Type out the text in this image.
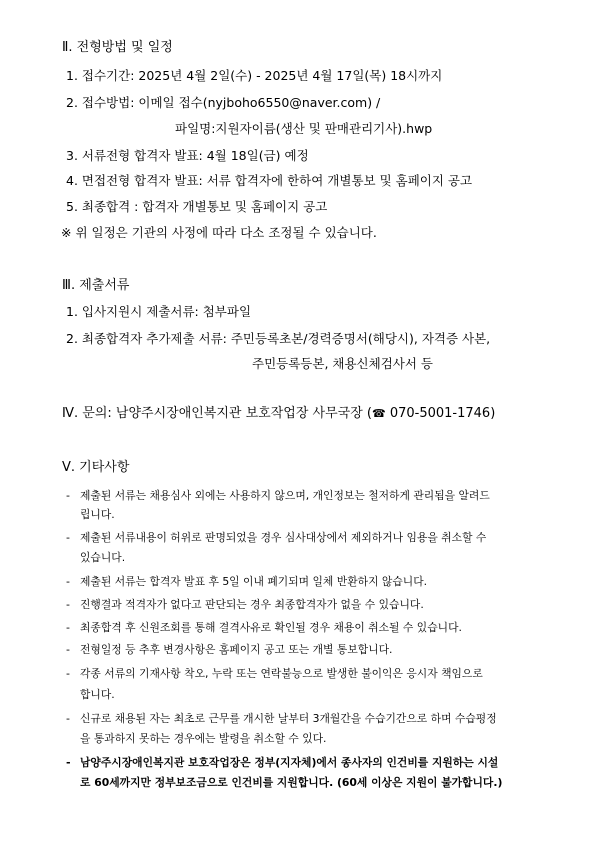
Ⅱ. 전형방법 및 일정
1. 접수기간: 2025년 4월 2일(수) - 2025년 4월 17일(목) 18시까지
2. 접수방법: 이메일 접수(nyjboho6550@naver.com) /
파일명:지원자이름(생산 및 판매관리기사).hwp
3. 서류전형 합격자 발표: 4월 18일(금) 예정
4. 면접전형 합격자 발표: 서류 합격자에 한하여 개별통보 및 홈페이지 공고
5. 최종합격 : 합격자 개별통보 및 홈페이지 공고
※ 위 일정은 기관의 사정에 따라 다소 조정될 수 있습니다.
Ⅲ. 제출서류
1. 입사지원시 제출서류: 첨부파일
2. 최종합격자 추가제출 서류: 주민등록초본/경력증명서(해당시), 자격증 사본,
주민등록등본, 채용신체검사서 등
Ⅳ. 문의: 남양주시장애인복지관 보호작업장 사무국장 (☎ 070-5001-1746)
Ⅴ. 기타사항
- 제출된 서류는 채용심사 외에는 사용하지 않으며, 개인정보는 철저하게 관리됨을 알려드
립니다.
- 제출된 서류내용이 허위로 판명되었을 경우 심사대상에서 제외하거나 임용을 취소할 수
있습니다.
- 제출된 서류는 합격자 발표 후 5일 이내 폐기되며 일체 반환하지 않습니다.
- 진행결과 적격자가 없다고 판단되는 경우 최종합격자가 없을 수 있습니다.
- 최종합격 후 신원조회를 통해 결격사유로 확인될 경우 채용이 취소될 수 있습니다.
- 전형일정 등 추후 변경사항은 홈페이지 공고 또는 개별 통보합니다.
- 각종 서류의 기재사항 착오, 누락 또는 연락불능으로 발생한 불이익은 응시자 책임으로
합니다.
- 신규로 채용된 자는 최초로 근무를 개시한 날부터 3개월간을 수습기간으로 하며 수습평정
을 통과하지 못하는 경우에는 발령을 취소할 수 있다.
- 남양주시장애인복지관 보호작업장은 정부(지자체)에서 종사자의 인건비를 지원하는 시설
로 60세까지만 정부보조금으로 인건비를 지원합니다. (60세 이상은 지원이 불가합니다.)
